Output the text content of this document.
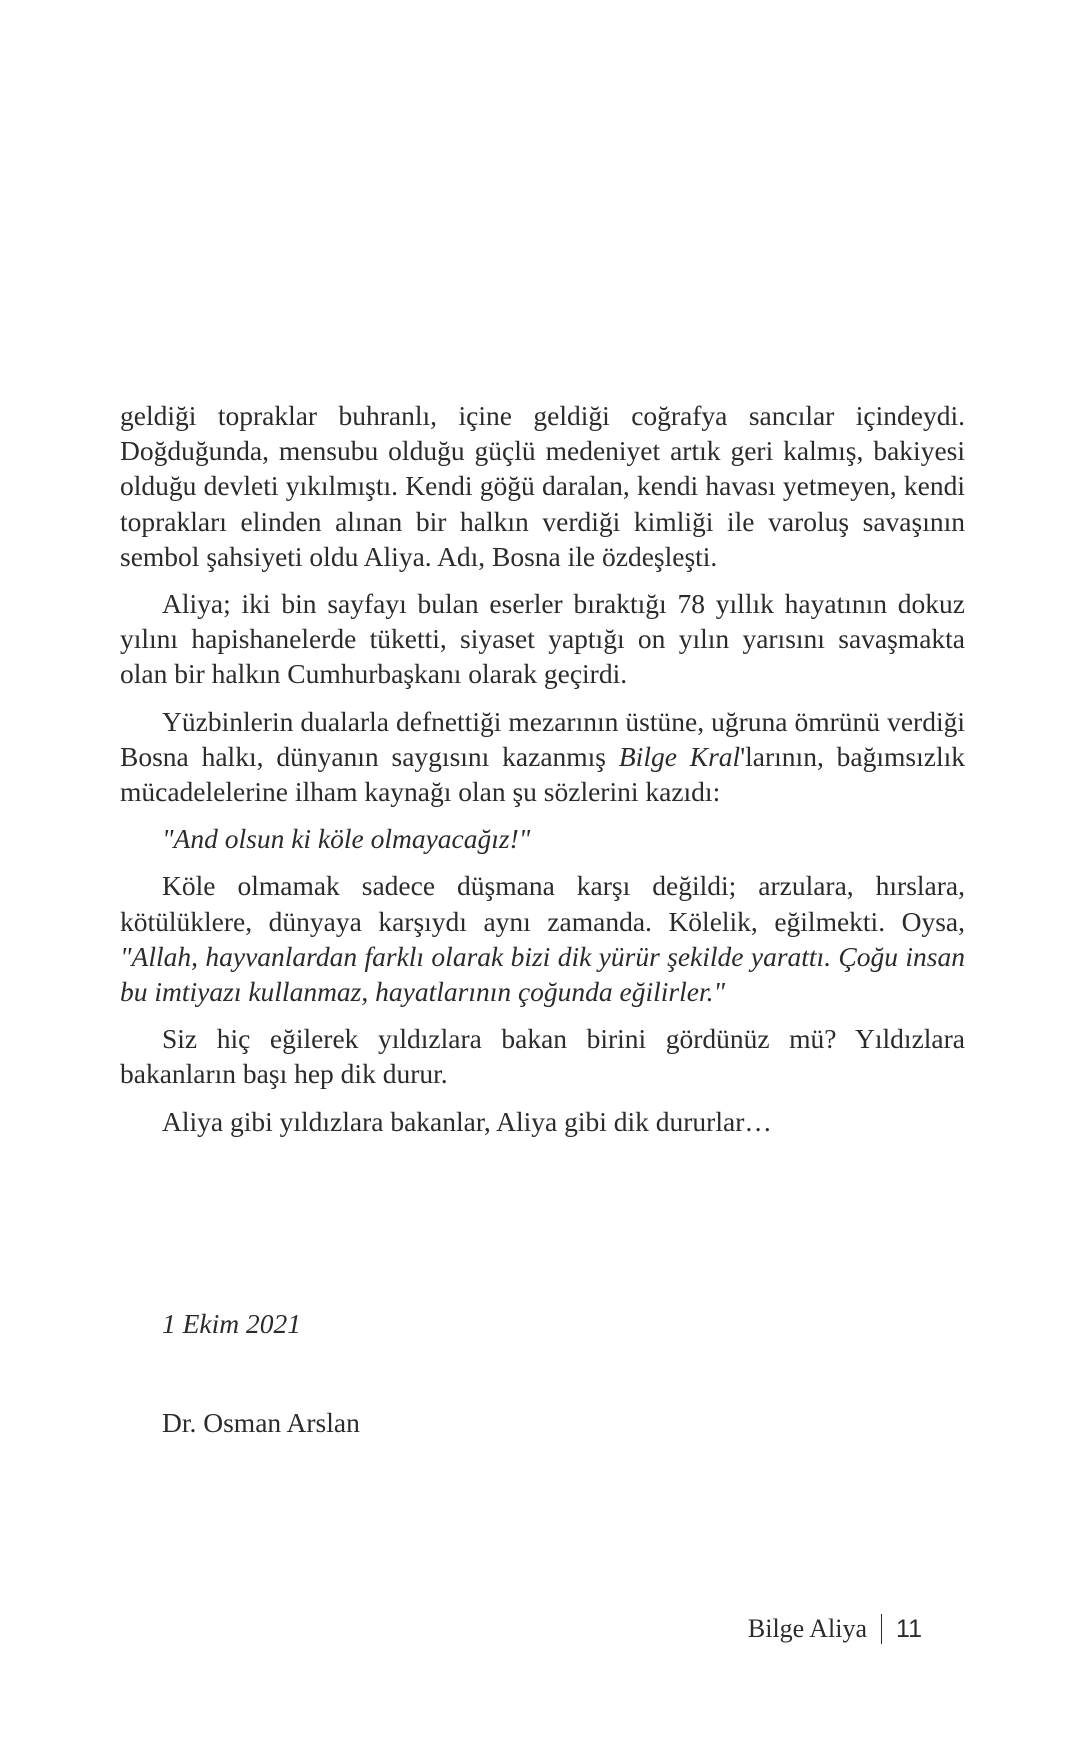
geldiği topraklar buhranlı, içine geldiği coğrafya sancılar içindeydi. Doğduğunda, mensubu olduğu güçlü medeniyet artık geri kalmış, bakiyesi olduğu devleti yıkılmıştı. Kendi göğü daralan, kendi havası yetmeyen, kendi toprakları elinden alınan bir halkın verdiği kimliği ile varoluş savaşının sembol şahsiyeti oldu Aliya. Adı, Bosna ile özdeşleşti.

Aliya; iki bin sayfayı bulan eserler bıraktığı 78 yıllık hayatının dokuz yılını hapishanelerde tüketti, siyaset yaptığı on yılın yarısını savaşmakta olan bir halkın Cumhurbaşkanı olarak geçirdi.

Yüzbinlerin dualarla defnettiği mezarının üstüne, uğruna ömrünü verdiği Bosna halkı, dünyanın saygısını kazanmış Bilge Kral'larının, bağımsızlık mücadelelerine ilham kaynağı olan şu sözlerini kazıdı:

"And olsun ki köle olmayacağız!"

Köle olmamak sadece düşmana karşı değildi; arzulara, hırslara, kötülüklere, dünyaya karşıydı aynı zamanda. Kölelik, eğilmekti. Oysa, "Allah, hayvanlardan farklı olarak bizi dik yürür şekilde yarattı. Çoğu insan bu imtiyazı kullanmaz, hayatlarının çoğunda eğilirler."

Siz hiç eğilerek yıldızlara bakan birini gördünüz mü? Yıldızlara bakanların başı hep dik durur.

Aliya gibi yıldızlara bakanlar, Aliya gibi dik dururlar…

1 Ekim 2021
Dr. Osman Arslan
Bilge Aliya 11
